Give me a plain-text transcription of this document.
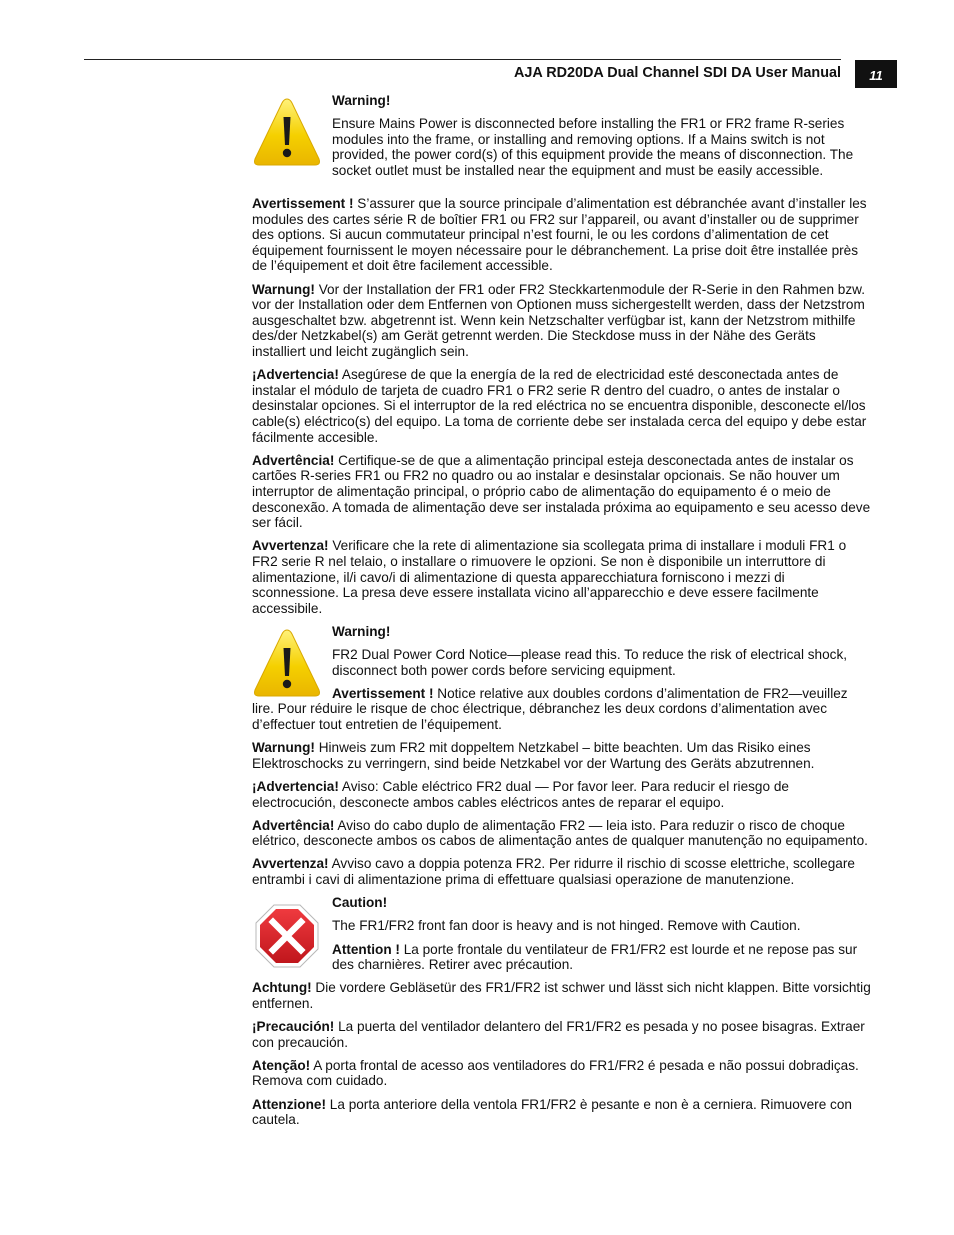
AJA RD20DA Dual Channel SDI DA User Manual	11

Warning!

Ensure Mains Power is disconnected before installing the FR1 or FR2 frame R-series modules into the frame, or installing and removing options. If a Mains switch is not provided, the power cord(s) of this equipment provide the means of disconnection. The socket outlet must be installed near the equipment and must be easily accessible.

Avertissement ! S’assurer que la source principale d’alimentation est débranchée avant d’installer les modules des cartes série R de boîtier FR1 ou FR2 sur l’appareil, ou avant d’installer ou de supprimer des options. Si aucun commutateur principal n’est fourni, le ou les cordons d’alimentation de cet équipement fournissent le moyen nécessaire pour le débranchement. La prise doit être installée près de l’équipement et doit être facilement accessible.

Warnung! Vor der Installation der FR1 oder FR2 Steckkartenmodule der R-Serie in den Rahmen bzw. vor der Installation oder dem Entfernen von Optionen muss sichergestellt werden, dass der Netzstrom ausgeschaltet bzw. abgetrennt ist. Wenn kein Netzschalter verfügbar ist, kann der Netzstrom mithilfe des/der Netzkabel(s) am Gerät getrennt werden. Die Steckdose muss in der Nähe des Geräts installiert und leicht zugänglich sein.

¡Advertencia! Asegúrese de que la energía de la red de electricidad esté desconectada antes de instalar el módulo de tarjeta de cuadro FR1 o FR2 serie R dentro del cuadro, o antes de instalar o desinstalar opciones. Si el interruptor de la red eléctrica no se encuentra disponible, desconecte el/los cable(s) eléctrico(s) del equipo. La toma de corriente debe ser instalada cerca del equipo y debe estar fácilmente accesible.

Advertência! Certifique-se de que a alimentação principal esteja desconectada antes de instalar os cartões R-series FR1 ou FR2 no quadro ou ao instalar e desinstalar opcionais. Se não houver um interruptor de alimentação principal, o próprio cabo de alimentação do equipamento é o meio de desconexão. A tomada de alimentação deve ser instalada próxima ao equipamento e seu acesso deve ser fácil.

Avvertenza! Verificare che la rete di alimentazione sia scollegata prima di installare i moduli FR1 o FR2 serie R nel telaio, o installare o rimuovere le opzioni. Se non è disponibile un interruttore di alimentazione, il/i cavo/i di alimentazione di questa apparecchiatura forniscono i mezzi di sconnessione. La presa deve essere installata vicino all’apparecchio e deve essere facilmente accessibile.

Warning!

FR2 Dual Power Cord Notice—please read this. To reduce the risk of electrical shock, disconnect both power cords before servicing equipment.

Avertissement ! Notice relative aux doubles cordons d’alimentation de FR2—veuillez lire. Pour réduire le risque de choc électrique, débranchez les deux cordons d’alimentation avec d’effectuer tout entretien de l’équipement.

Warnung! Hinweis zum FR2 mit doppeltem Netzkabel – bitte beachten. Um das Risiko eines Elektroschocks zu verringern, sind beide Netzkabel vor der Wartung des Geräts abzutrennen.

¡Advertencia! Aviso: Cable eléctrico FR2 dual — Por favor leer. Para reducir el riesgo de electrocución, desconecte ambos cables eléctricos antes de reparar el equipo.

Advertência! Aviso do cabo duplo de alimentação FR2 — leia isto. Para reduzir o risco de choque elétrico, desconecte ambos os cabos de alimentação antes de qualquer manutenção no equipamento.

Avvertenza! Avviso cavo a doppia potenza FR2. Per ridurre il rischio di scosse elettriche, scollegare entrambi i cavi di alimentazione prima di effettuare qualsiasi operazione de manutenzione.

Caution!

The FR1/FR2 front fan door is heavy and is not hinged. Remove with Caution.

Attention ! La porte frontale du ventilateur de FR1/FR2 est lourde et ne repose pas sur des charnières. Retirer avec précaution.

Achtung! Die vordere Gebläsetür des FR1/FR2 ist schwer und lässt sich nicht klappen. Bitte vorsichtig entfernen.

¡Precaución! La puerta del ventilador delantero del FR1/FR2 es pesada y no posee bisagras. Extraer con precaución.

Atenção! A porta frontal de acesso aos ventiladores do FR1/FR2 é pesada e não possui dobradiças. Remova com cuidado.

Attenzione! La porta anteriore della ventola FR1/FR2 è pesante e non è a cerniera. Rimuovere con cautela.
